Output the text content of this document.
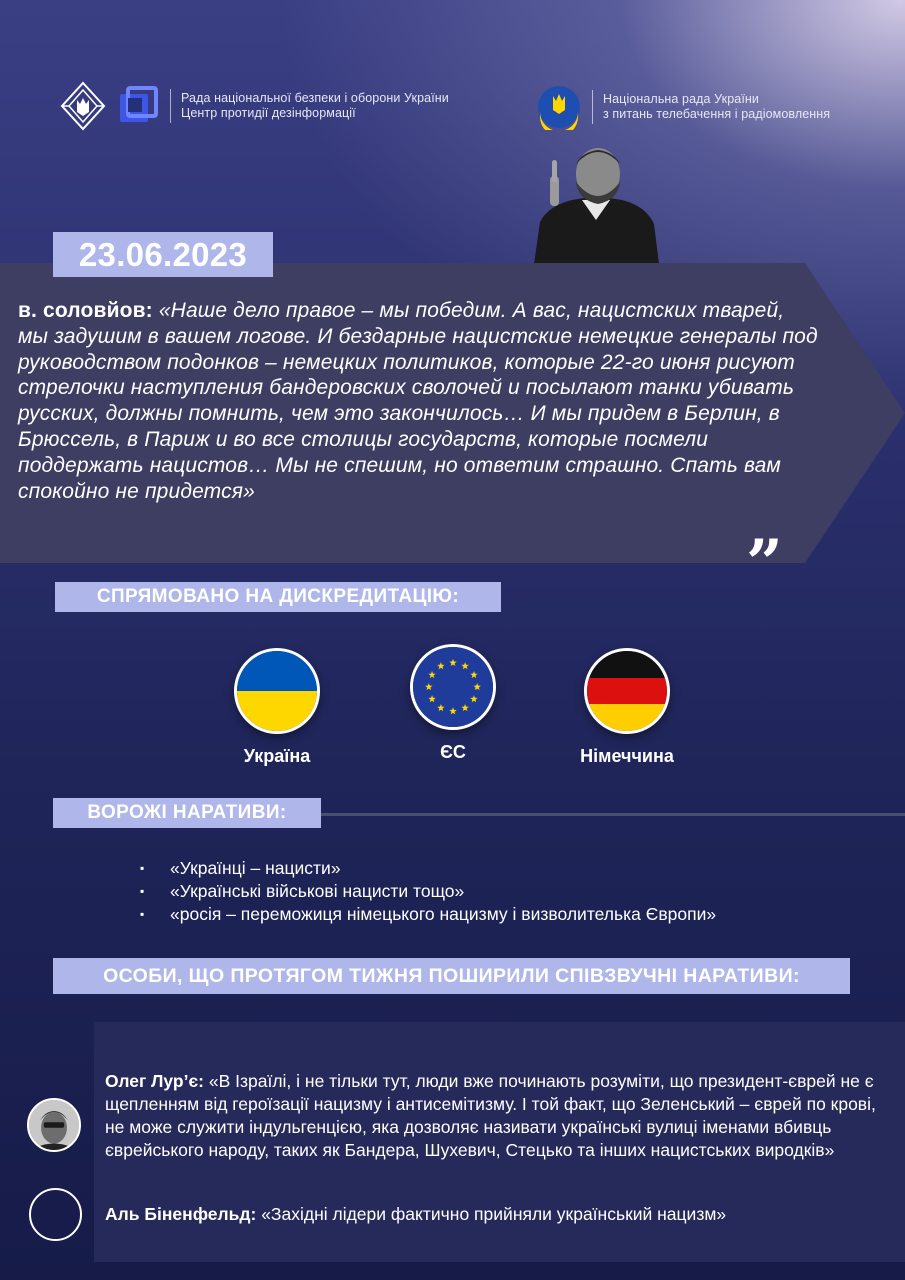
Рада національної безпеки і оборони України
Центр протидії дезінформації
Національна рада України
з питань телебачення і радіомовлення
23.06.2023
в. соловйов: «Наше дело правое – мы победим. А вас, нацистских тварей, мы задушим в вашем логове. И бездарные нацистские немецкие генералы под руководством подонков – немецких политиков, которые 22-го июня рисуют стрелочки наступления бандеровских сволочей и посылают танки убивать русских, должны помнить, чем это закончилось… И мы придем в Берлин, в Брюссель, в Париж и во все столицы государств, которые посмели поддержать нацистов… Мы не спешим, но ответим страшно. Спать вам спокойно не придется»
”
СПРЯМОВАНО НА ДИСКРЕДИТАЦІЮ:
Україна	ЄС	Німеччина
ВОРОЖІ НАРАТИВИ:
▪ «Українці – нацисти»
▪ «Українські військові нацисти тощо»
▪ «росія – переможиця німецького нацизму і визволителька Європи»
ОСОБИ, ЩО ПРОТЯГОМ ТИЖНЯ ПОШИРИЛИ СПІВЗВУЧНІ НАРАТИВИ:
Олег Лур’є: «В Ізраїлі, і не тільки тут, люди вже починають розуміти, що президент-єврей не є щепленням від героїзації нацизму і антисемітизму. І той факт, що Зеленський – єврей по крові, не може служити індульгенцією, яка дозволяє називати українські вулиці іменами вбивць єврейського народу, таких як Бандера, Шухевич, Стецько та інших нацистських виродків»
Аль Біненфельд: «Західні лідери фактично прийняли український нацизм»
